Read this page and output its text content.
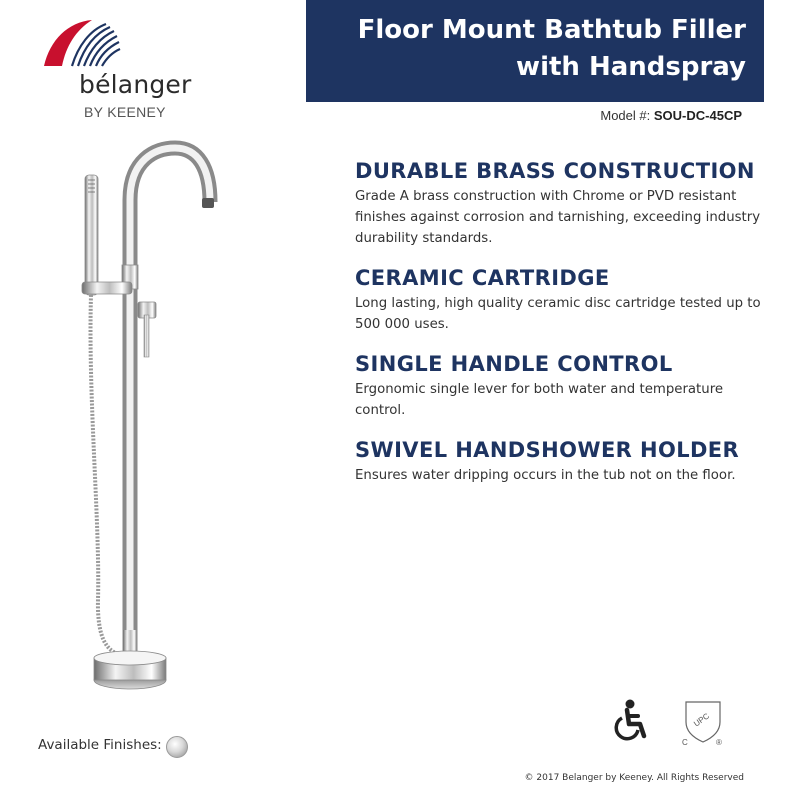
bélanger
BY KEENEY
Floor Mount Bathtub Filler
with Handspray
Model #: SOU-DC-45CP
DURABLE BRASS CONSTRUCTION

Grade A brass construction with Chrome or PVD resistant finishes against corrosion and tarnishing, exceeding industry durability standards.

CERAMIC CARTRIDGE

Long lasting, high quality ceramic disc cartridge tested up to 500 000 uses.

SINGLE HANDLE CONTROL

Ergonomic single lever for both water and temperature control.

SWIVEL HANDSHOWER HOLDER

Ensures water dripping occurs in the tub not on the floor.

Available Finishes:
UPC
C	®
© 2017 Belanger by Keeney. All Rights Reserved
